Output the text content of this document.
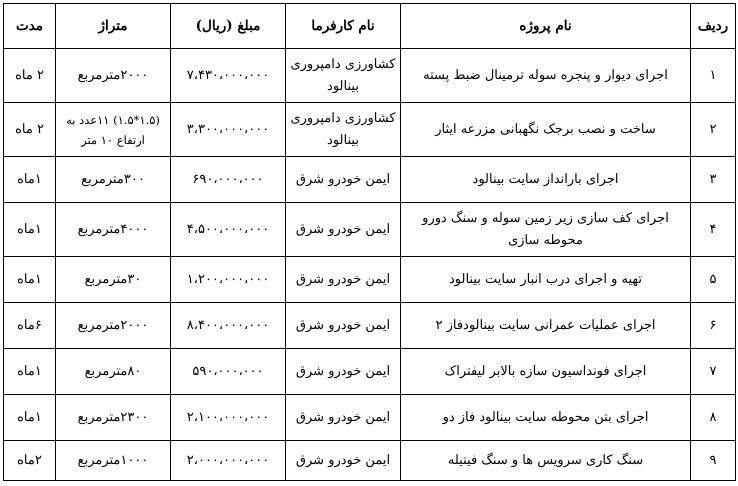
ردیف	نام پروژه	نام کارفرما	مبلغ (ریال)	متراژ	مدت
۱	اجرای دیوار و پنجره سوله ترمینال ضبط پسته	کشاورزی دامپروری بینالود	۷،۴۳۰،۰۰۰،۰۰۰	۲۰۰۰مترمربع	۲ ماه
۲	ساخت و نصب برجک نگهبانی مزرعه ایثار	کشاورزی دامپروری بینالود	۳،۳۰۰،۰۰۰،۰۰۰	(۱.۵*۱.۵) ۱۱عدد به ارتفاع ۱۰ متر	۲ ماه
۳	اجرای بارانداز سایت بینالود	ایمن خودرو شرق	۶۹۰،۰۰۰،۰۰۰	۳۰۰مترمربع	۱ماه
۴	اجرای کف سازی زیر زمین سوله و سنگ دورو محوطه سازی	ایمن خودرو شرق	۴،۵۰۰،۰۰۰،۰۰۰	۴۰۰۰مترمربع	۱ماه
۵	تهیه و اجرای درب انبار سایت بینالود	ایمن خودرو شرق	۱،۲۰۰،۰۰۰،۰۰۰	۳۰مترمربع	۱ماه
۶	اجرای عملیات عمرانی سایت بینالودفاز ۲	ایمن خودرو شرق	۸،۴۰۰،۰۰۰،۰۰۰	۲۰۰۰مترمربع	۶ماه
۷	اجرای فونداسیون سازه بالابر لیفتراک	ایمن خودرو شرق	۵۹۰،۰۰۰،۰۰۰	۸۰مترمربع	۱ماه
۸	اجرای بتن محوطه سایت بینالود فاز دو	ایمن خودرو شرق	۲،۱۰۰،۰۰۰،۰۰۰	۲۳۰۰مترمربع	۱ماه
۹	سنگ کاری سرویس ها و سنگ فیتیله	ایمن خودرو شرق	۲،۰۰۰،۰۰۰،۰۰۰	۱۰۰۰مترمربع	۲ماه
